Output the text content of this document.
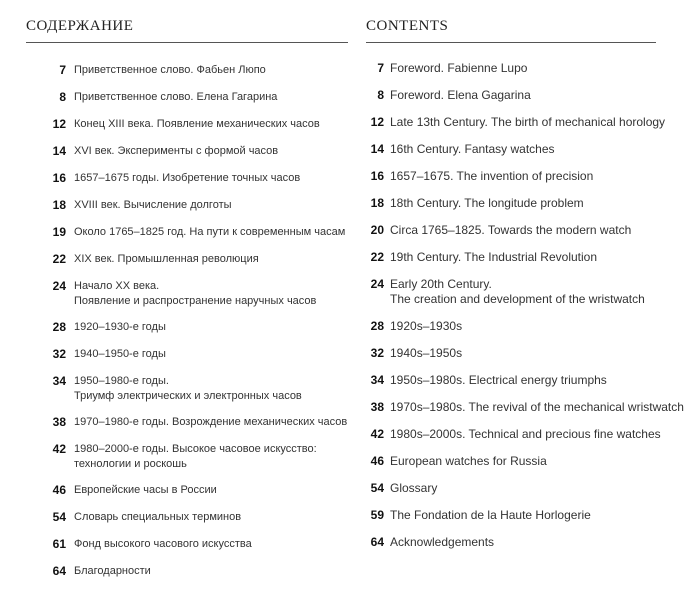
СОДЕРЖАНИЕ
7 Приветственное слово. Фабьен Люпо
8 Приветственное слово. Елена Гагарина
12 Конец XIII века. Появление механических часов
14 XVI век. Эксперименты с формой часов
16 1657–1675 годы. Изобретение точных часов
18 XVIII век. Вычисление долготы
19 Около 1765–1825 год. На пути к современным часам
22 XIX век. Промышленная революция
24 Начало XX века.
Появление и распространение наручных часов
28 1920–1930-е годы
32 1940–1950-е годы
34 1950–1980-е годы.
Триумф электрических и электронных часов
38 1970–1980-е годы. Возрождение механических часов
42 1980–2000-е годы. Высокое часовое искусство:
технологии и роскошь
46 Европейские часы в России
54 Словарь специальных терминов
61 Фонд высокого часового искусства
64 Благодарности
CONTENTS
7 Foreword. Fabienne Lupo
8 Foreword. Elena Gagarina
12 Late 13th Century. The birth of mechanical horology
14 16th Century. Fantasy watches
16 1657–1675. The invention of precision
18 18th Century. The longitude problem
20 Circa 1765–1825. Towards the modern watch
22 19th Century. The Industrial Revolution
24 Early 20th Century.
The creation and development of the wristwatch
28 1920s–1930s
32 1940s–1950s
34 1950s–1980s. Electrical energy triumphs
38 1970s–1980s. The revival of the mechanical wristwatch
42 1980s–2000s. Technical and precious fine watches
46 European watches for Russia
54 Glossary
59 The Fondation de la Haute Horlogerie
64 Acknowledgements
